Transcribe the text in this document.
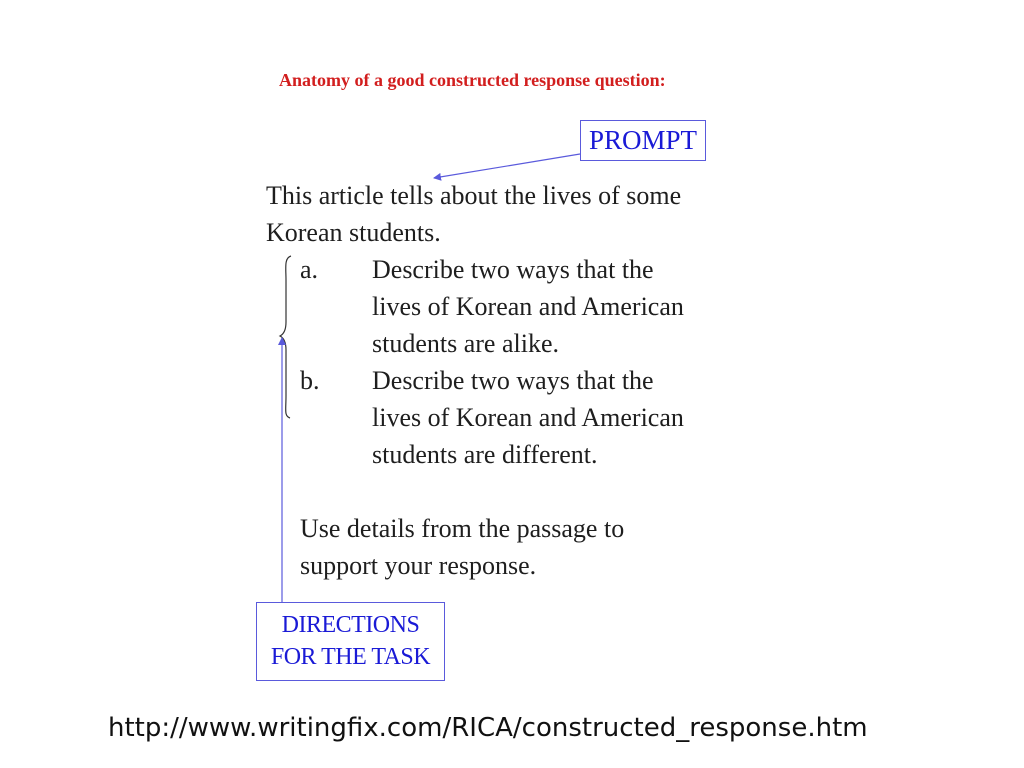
Anatomy of a good constructed response question:
PROMPT
This article tells about the lives of some
Korean students.
a. Describe two ways that the
lives of Korean and American
students are alike.
b. Describe two ways that the
lives of Korean and American
students are different.
Use details from the passage to
support your response.
DIRECTIONS
FOR THE TASK
http://www.writingfix.com/RICA/constructed_response.htm
